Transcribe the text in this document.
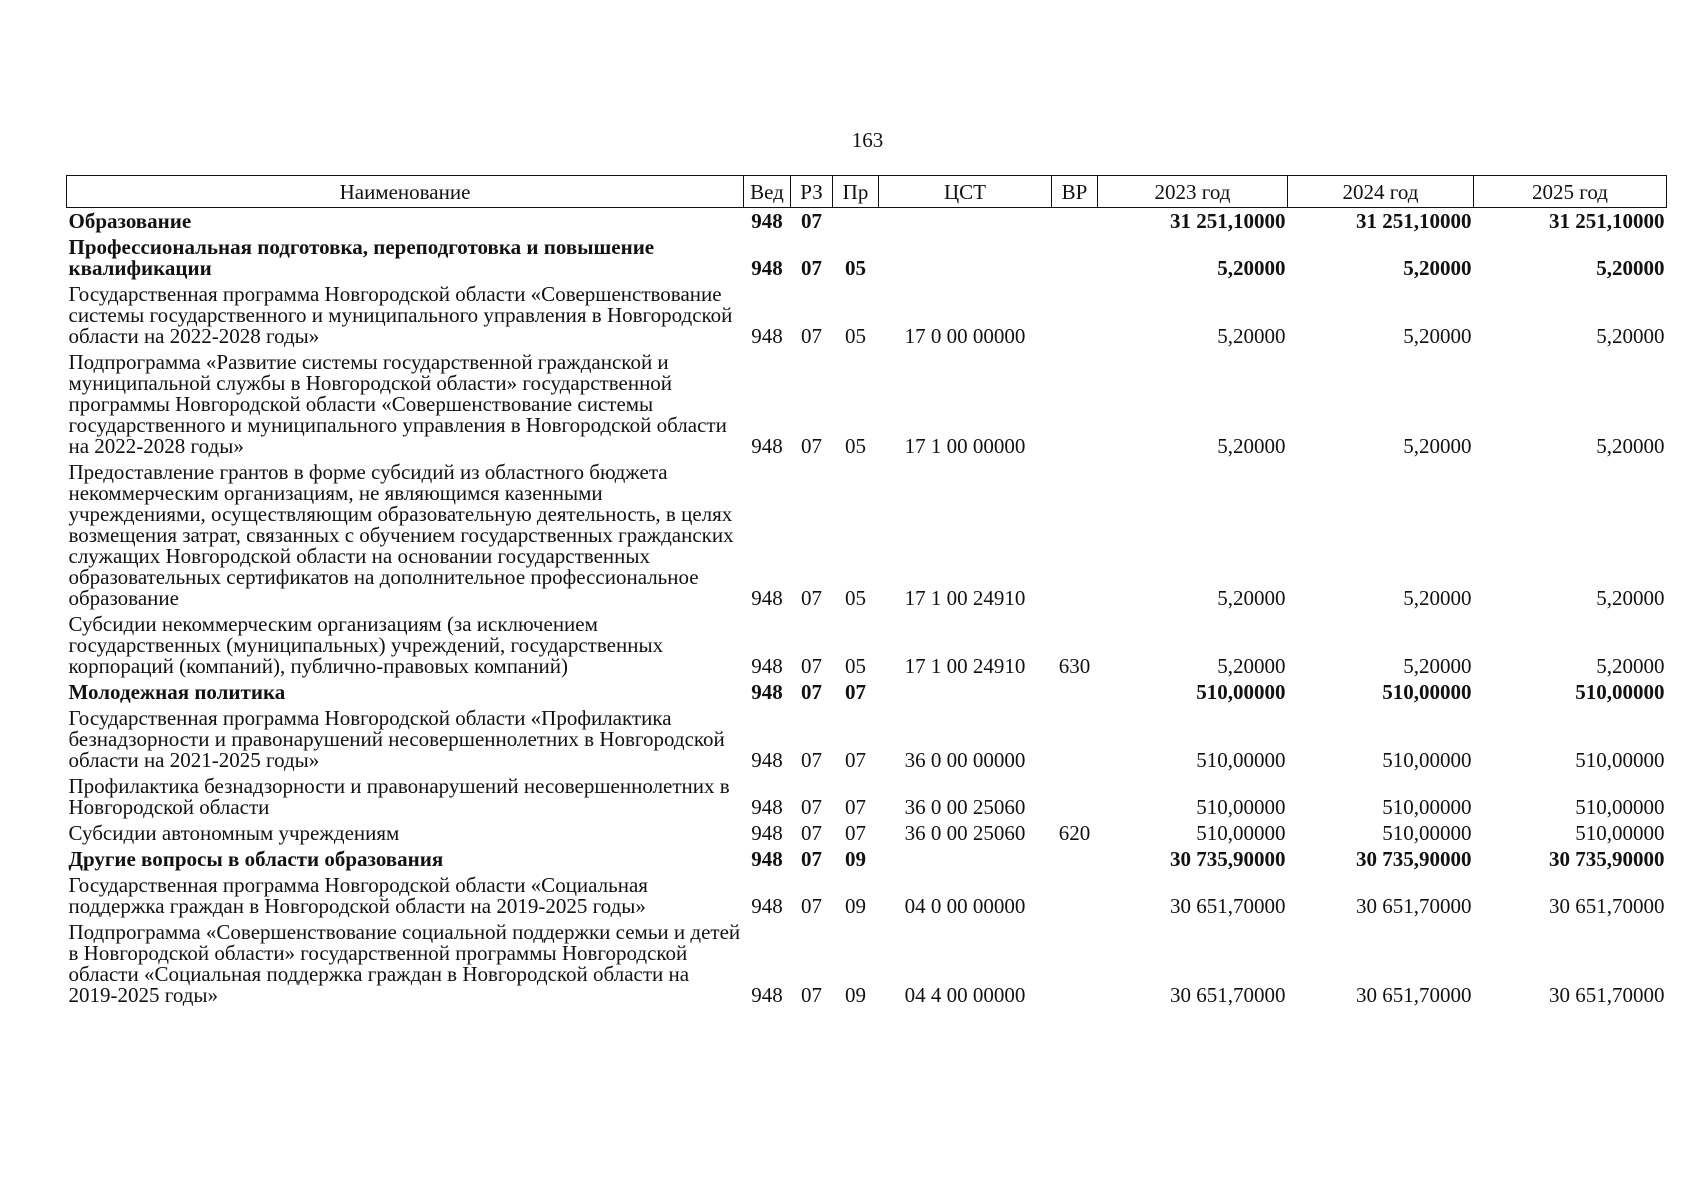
163
Наименование	Вед	РЗ	Пр	ЦСТ	ВР	2023 год	2024 год	2025 год
Образование	948	07				31 251,10000	31 251,10000	31 251,10000
Профессиональная подготовка, переподготовка и повышение квалификации	948	07	05			5,20000	5,20000	5,20000
Государственная программа Новгородской области «Совершенствование системы государственного и муниципального управления в Новгородской области на 2022-2028 годы»	948	07	05	17 0 00 00000		5,20000	5,20000	5,20000
Подпрограмма «Развитие системы государственной гражданской и муниципальной службы в Новгородской области» государственной программы Новгородской области «Совершенствование системы государственного и муниципального управления в Новгородской области на 2022-2028 годы»	948	07	05	17 1 00 00000		5,20000	5,20000	5,20000
Предоставление грантов в форме субсидий из областного бюджета некоммерческим организациям, не являющимся казенными учреждениями, осуществляющим образовательную деятельность, в целях возмещения затрат, связанных с обучением государственных гражданских служащих Новгородской области на основании государственных образовательных сертификатов на дополнительное профессиональное образование	948	07	05	17 1 00 24910		5,20000	5,20000	5,20000
Субсидии некоммерческим организациям (за исключением государственных (муниципальных) учреждений, государственных корпораций (компаний), публично-правовых компаний)	948	07	05	17 1 00 24910	630	5,20000	5,20000	5,20000
Молодежная политика	948	07	07			510,00000	510,00000	510,00000
Государственная программа Новгородской области «Профилактика безнадзорности и правонарушений несовершеннолетних в Новгородской области на 2021-2025 годы»	948	07	07	36 0 00 00000		510,00000	510,00000	510,00000
Профилактика безнадзорности и правонарушений несовершеннолетних в Новгородской области	948	07	07	36 0 00 25060		510,00000	510,00000	510,00000
Субсидии автономным учреждениям	948	07	07	36 0 00 25060	620	510,00000	510,00000	510,00000
Другие вопросы в области образования	948	07	09			30 735,90000	30 735,90000	30 735,90000
Государственная программа Новгородской области «Социальная поддержка граждан в Новгородской области на 2019-2025 годы»	948	07	09	04 0 00 00000		30 651,70000	30 651,70000	30 651,70000
Подпрограмма «Совершенствование социальной поддержки семьи и детей в Новгородской области» государственной программы Новгородской области «Социальная поддержка граждан в Новгородской области на 2019-2025 годы»	948	07	09	04 4 00 00000		30 651,70000	30 651,70000	30 651,70000
